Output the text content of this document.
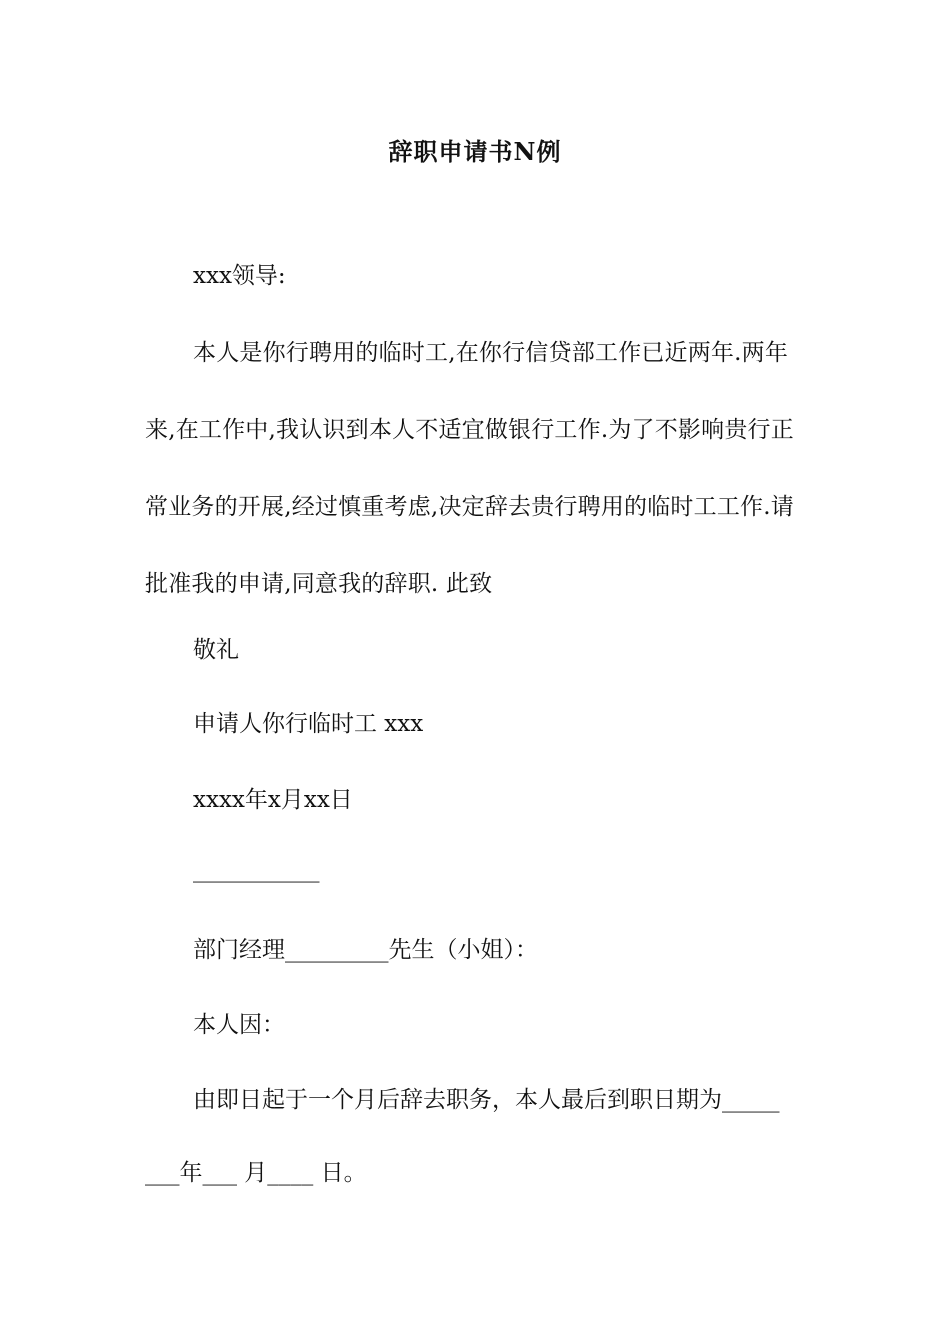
辞职申请书N例
xxx领导:
本人是你行聘用的临时工,在你行信贷部工作已近两年.两年来,在工作中,我认识到本人不适宜做银行工作.为了不影响贵行正常业务的开展,经过慎重考虑,决定辞去贵行聘用的临时工工作.请批准我的申请,同意我的辞职. 此致
敬礼
申请人你行临时工 xxx
xxxx年x月xx日
___________
部门经理_________先生（小姐）：
本人因：
由即日起于一个月后辞去职务，本人最后到职日期为_____
___年___ 月____ 日。
